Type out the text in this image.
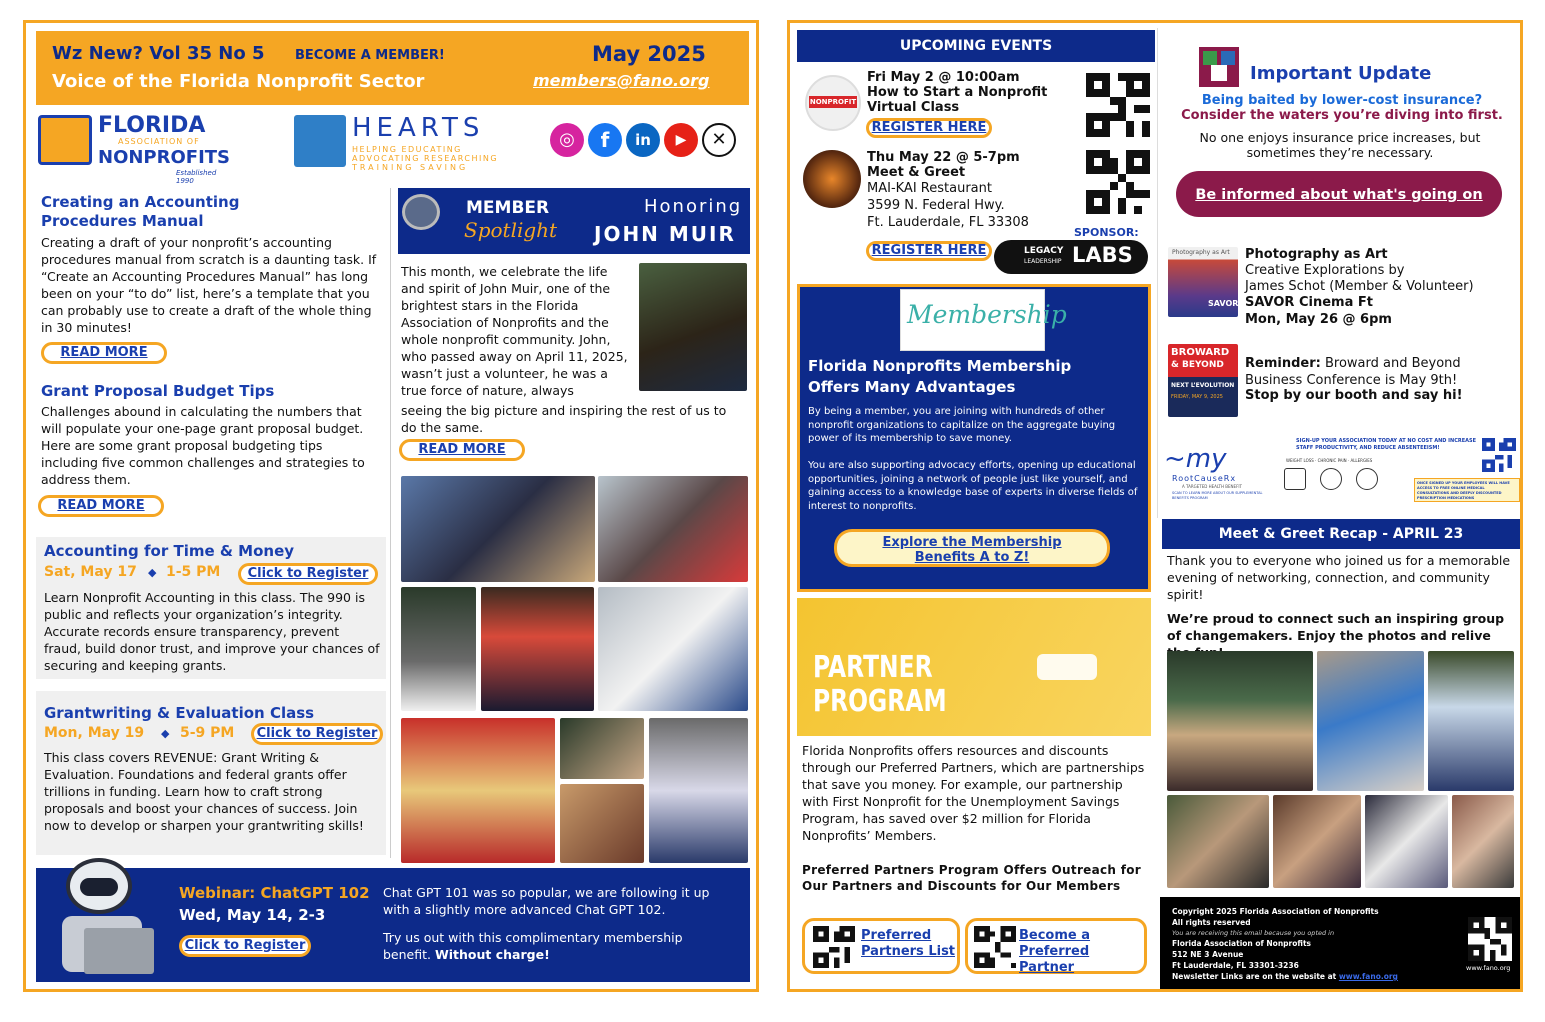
Wz New? Vol 35 No 5 BECOME A MEMBER!	May 2025
Voice of the Florida Nonprofit Sector	members@fano.org
FLORIDA
ASSOCIATION OF
NONPROFITS
Established 1990
HEARTS
HELPING EDUCATING
ADVOCATING RESEARCHING
TRAINING SAVING
◎	f	in	▶	✕
Creating an Accounting Procedures Manual
Creating a draft of your nonprofit’s accounting procedures manual from scratch is a daunting task. If “Create an Accounting Procedures Manual” has long been on your “to do” list, here’s a template that you can probably use to create a draft of the whole thing in 30 minutes!
READ MORE
Grant Proposal Budget Tips
Challenges abound in calculating the numbers that will populate your one-page grant proposal budget. Here are some grant proposal budgeting tips including five common challenges and strategies to address them.
READ MORE
Accounting for Time & Money
Sat, May 17 ◆ 1-5 PM	Click to Register
Learn Nonprofit Accounting in this class. The 990 is public and reflects your organization’s integrity. Accurate records ensure transparency, prevent fraud, build donor trust, and improve your chances of securing and keeping grants.
Grantwriting & Evaluation Class
Mon, May 19 ◆ 5-9 PM	Click to Register
This class covers REVENUE: Grant Writing & Evaluation. Foundations and federal grants offer trillions in funding. Learn how to craft strong proposals and boost your chances of success. Join now to develop or sharpen your grantwriting skills!
MEMBER
Spotlight
Honoring
JOHN MUIR
This month, we celebrate the life and spirit of John Muir, one of the brightest stars in the Florida Association of Nonprofits and the whole nonprofit community. John, who passed away on April 11, 2025, wasn’t just a volunteer, he was a true force of nature, always
seeing the big picture and inspiring the rest of us to do the same.
READ MORE
Webinar: ChatGPT 102
Wed, May 14, 2-3
Click to Register
Chat GPT 101 was so popular, we are following it up with a slightly more advanced Chat GPT 102.
Try us out with this complimentary membership benefit. Without charge!
UPCOMING EVENTS
NONPROFIT
Fri May 2 @ 10:00am
How to Start a Nonprofit
Virtual Class
REGISTER HERE
Thu May 22 @ 5-7pm
Meet & Greet
MAI-KAI Restaurant
3599 N. Federal Hwy.
Ft. Lauderdale, FL 33308
REGISTER HERE
SPONSOR:
LEGACY
LEADERSHIP LABS
Membership
Florida Nonprofits Membership Offers Many Advantages
By being a member, you are joining with hundreds of other nonprofit organizations to capitalize on the aggregate buying power of its membership to save money.
You are also supporting advocacy efforts, opening up educational opportunities, joining a network of people just like yourself, and gaining access to a knowledge base of experts in diverse fields of interest to nonprofits.
Explore the Membership Benefits A to Z!
PARTNER
PROGRAM
Florida Nonprofits offers resources and discounts through our Preferred Partners, which are partnerships that save you money. For example, our partnership with First Nonprofit for the Unemployment Savings Program, has saved over $2 million for Florida Nonprofits’ Members.
Preferred Partners Program Offers Outreach for Our Partners and Discounts for Our Members
Preferred Partners List
Become a Preferred Partner
Important Update
Being baited by lower-cost insurance?
Consider the waters you’re diving into first.
No one enjoys insurance price increases, but sometimes they’re necessary.
Be informed about what's going on
Photography as Art
SAVOR
Photography as Art
Creative Explorations by
James Schot (Member & Volunteer)
SAVOR Cinema Ft
Mon, May 26 @ 6pm
BROWARD
& BEYOND
NEXT L’EVOLUTION
FRIDAY, MAY 9, 2025
Reminder: Broward and Beyond Business Conference is May 9th!
Stop by our booth and say hi!
~my
RootCauseRx
A TARGETED HEALTH BENEFIT
SCAN TO LEARN MORE ABOUT OUR SUPPLEMENTAL BENEFITS PROGRAM
SIGN-UP YOUR ASSOCIATION TODAY AT NO COST AND INCREASE STAFF PRODUCTIVITY, AND REDUCE ABSENTEEISM!
WEIGHT LOSS · CHRONIC PAIN · ALLERGIES
ONCE SIGNED UP YOUR EMPLOYEES WILL HAVE ACCESS TO FREE ONLINE MEDICAL CONSULTATIONS AND DEEPLY DISCOUNTED PRESCRIPTION MEDICATIONS
Meet & Greet Recap - APRIL 23
Thank you to everyone who joined us for a memorable evening of networking, connection, and community spirit!
We’re proud to connect such an inspiring group of changemakers. Enjoy the photos and relive
Copyright 2025 Florida Association of Nonprofits
All rights reserved
You are receiving this email because you opted in
Florida Association of Nonprofits
512 NE 3 Avenue
Ft Lauderdale, FL 33301-3236
Newsletter Links are on the website at www.fano.org
www.fano.org
